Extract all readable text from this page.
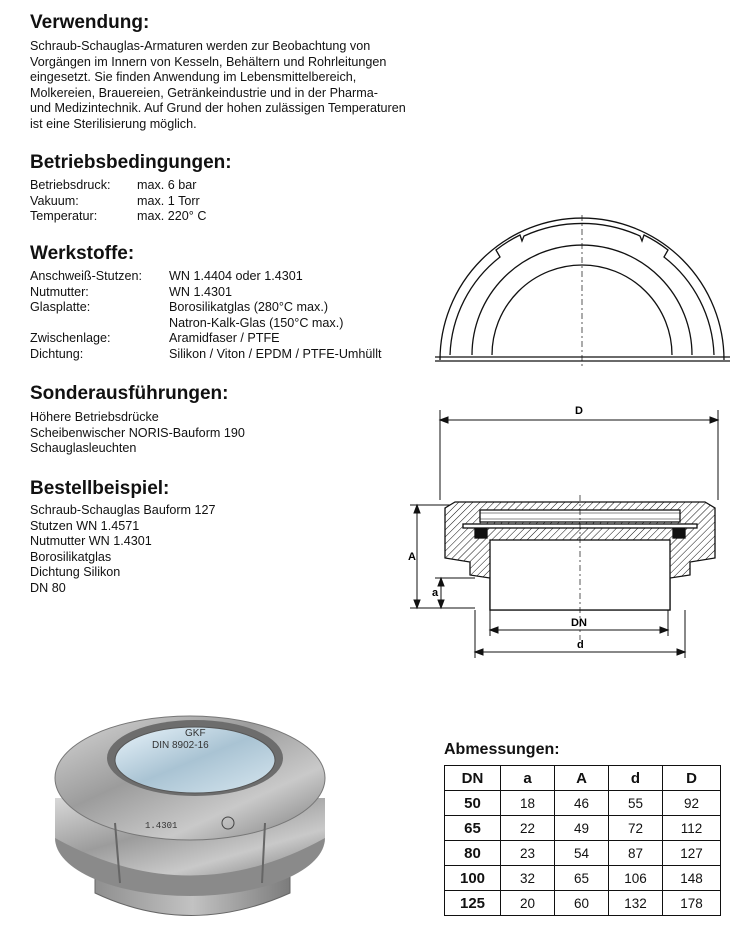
Verwendung:

Schraub-Schauglas-Armaturen werden zur Beobachtung von
Vorgängen im Innern von Kesseln, Behältern und Rohrleitungen
eingesetzt. Sie finden Anwendung im Lebensmittelbereich,
Molkereien, Brauereien, Getränkeindustrie und in der Pharma-
und Medizintechnik. Auf Grund der hohen zulässigen Temperaturen
ist eine Sterilisierung möglich.

Betriebsbedingungen:
Betriebsdruck:	max. 6 bar
Vakuum:	max. 1 Torr
Temperatur:	max. 220° C
Werkstoffe:
Anschweiß-Stutzen:	WN 1.4404 oder 1.4301
Nutmutter:	WN 1.4301
Glasplatte:	Borosilikatglas (280°C max.)
Natron-Kalk-Glas (150°C max.)
Zwischenlage:	Aramidfaser / PTFE
Dichtung:	Silikon / Viton / EPDM / PTFE-Umhüllt
Sonderausführungen:
Höhere Betriebsdrücke
Scheibenwischer NORIS-Bauform 190
Schauglasleuchten
Bestellbeispiel:
Schraub-Schauglas Bauform 127
Stutzen WN 1.4571
Nutmutter WN 1.4301
Borosilikatglas
Dichtung Silikon
DN 80
D
A
a
DN
d
GKF
DIN 8902-16
1.4301
Abmessungen:
DN	a	A	d	D
50	18	46	55	92
65	22	49	72	112
80	23	54	87	127
100	32	65	106	148
125	20	60	132	178
